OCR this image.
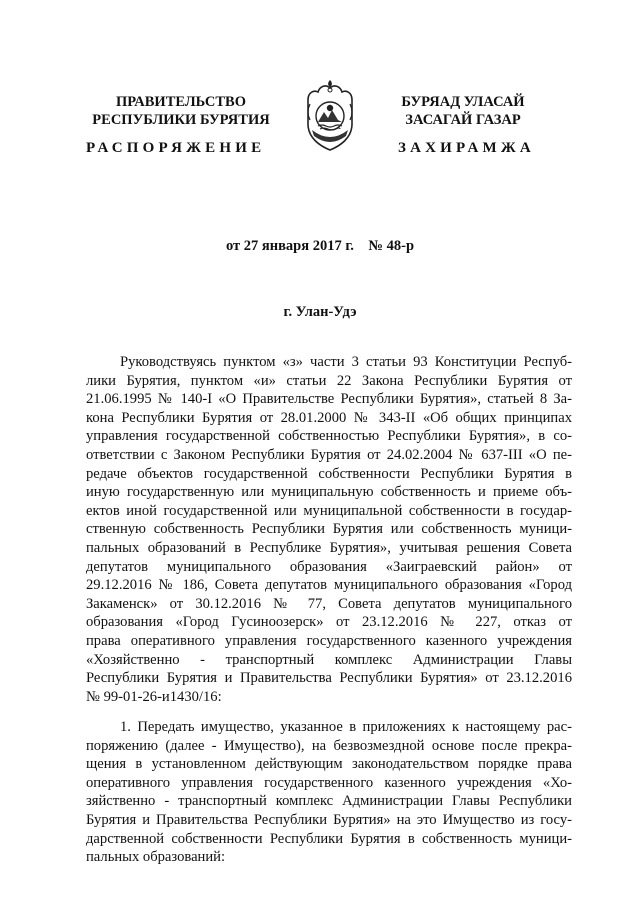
ПРАВИТЕЛЬСТВО
РЕСПУБЛИКИ БУРЯТИЯ
БУРЯАД УЛАСАЙ
ЗАСАГАЙ ГАЗАР
РАСПОРЯЖЕНИЕ	ЗАХИРАМЖА
от 27 января 2017 г. № 48-р
г. Улан-Удэ
Руководствуясь пунктом «з» части 3 статьи 93 Конституции Респуб-
лики Бурятия, пунктом «и» статьи 22 Закона Республики Бурятия от
21.06.1995 № 140-I «О Правительстве Республики Бурятия», статьей 8 За-
кона Республики Бурятия от 28.01.2000 № 343-II «Об общих принципах
управления государственной собственностью Республики Бурятия», в со-
ответствии с Законом Республики Бурятия от 24.02.2004 № 637-III «О пе-
редаче объектов государственной собственности Республики Бурятия в
иную государственную или муниципальную собственность и приеме объ-
ектов иной государственной или муниципальной собственности в государ-
ственную собственность Республики Бурятия или собственность муници-
пальных образований в Республике Бурятия», учитывая решения Совета
депутатов муниципального образования «Заиграевский район» от
29.12.2016 № 186, Совета депутатов муниципального образования «Город
Закаменск» от 30.12.2016 № 77, Совета депутатов муниципального
образования «Город Гусиноозерск» от 23.12.2016 № 227, отказ от
права оперативного управления государственного казенного учреждения
«Хозяйственно - транспортный комплекс Администрации Главы
Республики Бурятия и Правительства Республики Бурятия» от 23.12.2016
№ 99-01-26-и1430/16:
1. Передать имущество, указанное в приложениях к настоящему рас-
поряжению (далее - Имущество), на безвозмездной основе после прекра-
щения в установленном действующим законодательством порядке права
оперативного управления государственного казенного учреждения «Хо-
зяйственно - транспортный комплекс Администрации Главы Республики
Бурятия и Правительства Республики Бурятия» на это Имущество из госу-
дарственной собственности Республики Бурятия в собственность муници-
пальных образований:
